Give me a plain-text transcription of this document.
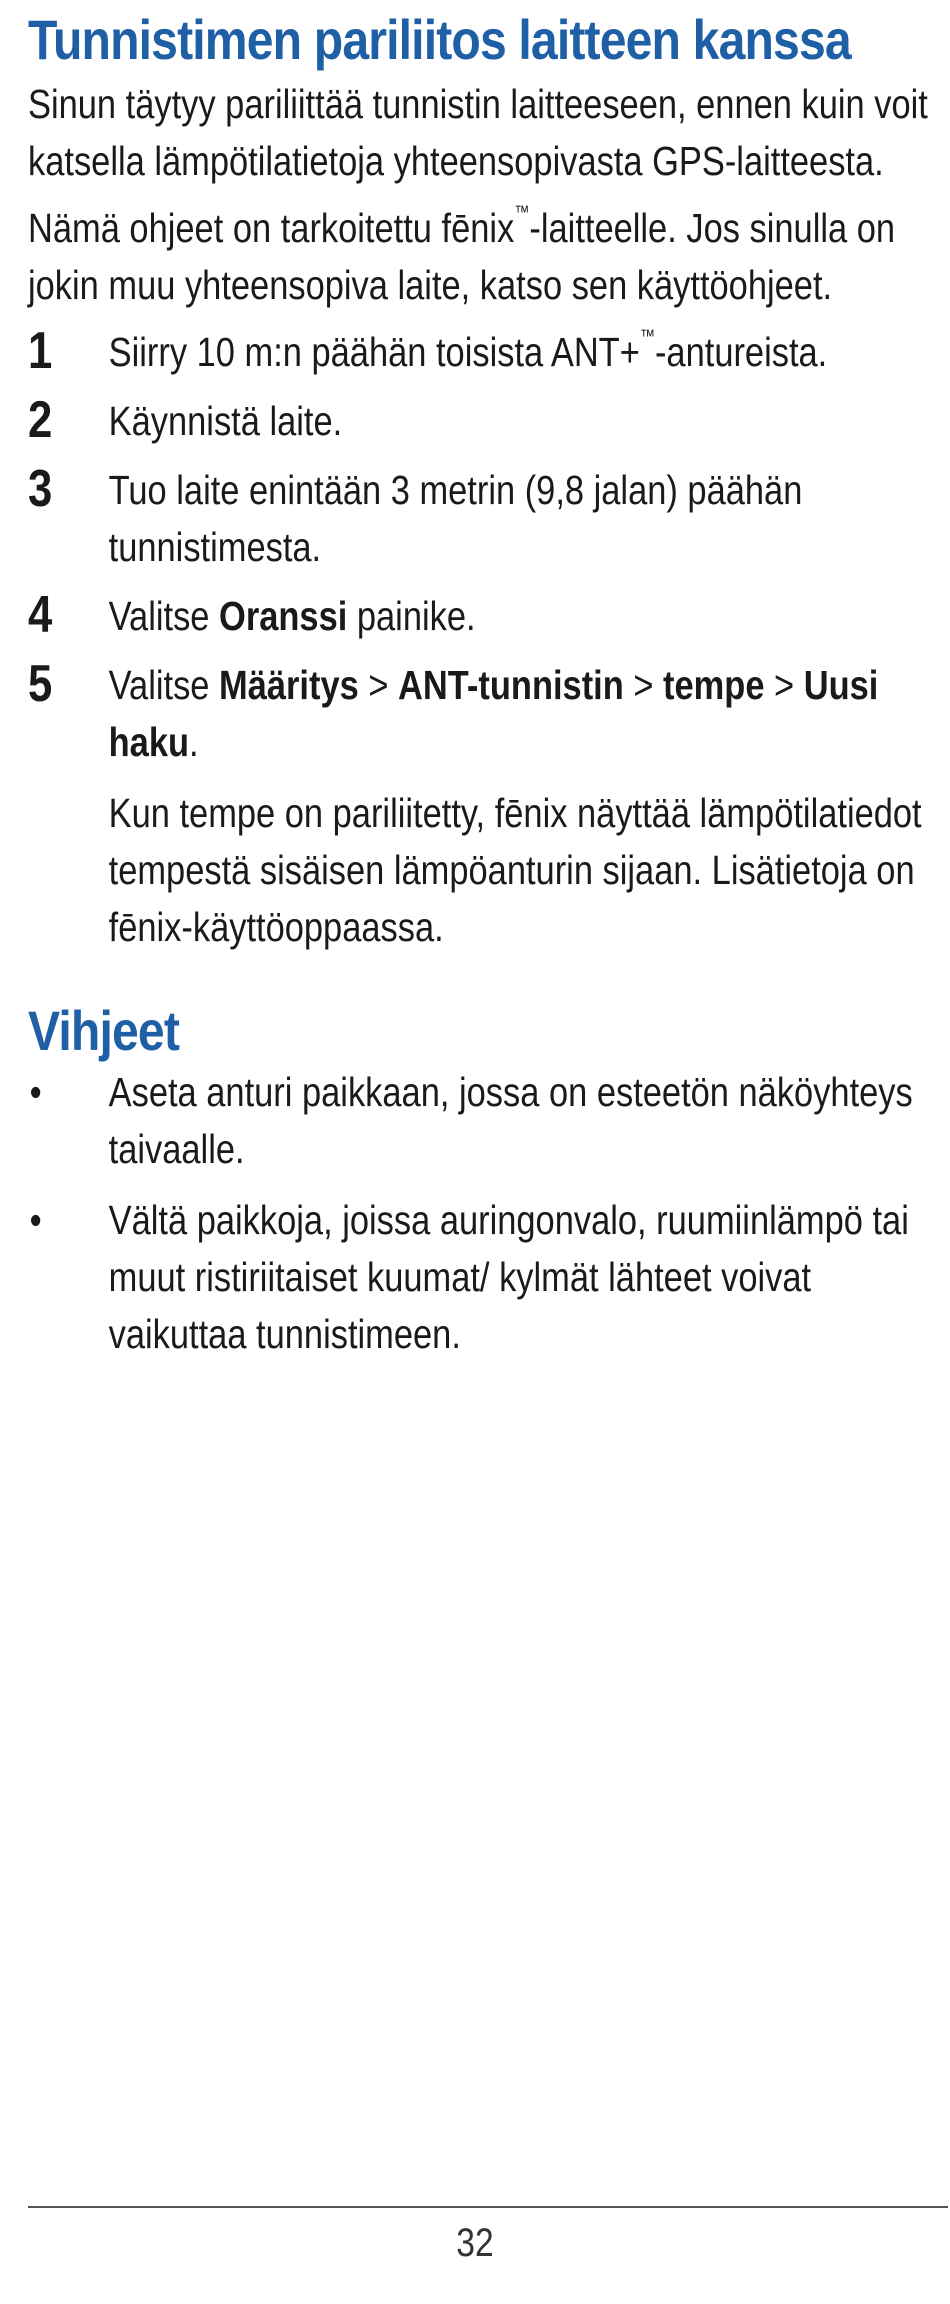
Tunnistimen pariliitos laitteen kanssa

Sinun täytyy pariliittää tunnistin laitteeseen, ennen kuin voit katsella lämpötilatietoja yhteensopivasta GPS-laitteesta.

Nämä ohjeet on tarkoitettu fēnix™-laitteelle. Jos sinulla on jokin muu yhteensopiva laite, katso sen käyttöohjeet.

1 Siirry 10 m:n päähän toisista ANT+™-antureista.
2 Käynnistä laite.
3 Tuo laite enintään 3 metrin (9,8 jalan) päähän tunnistimesta.
4 Valitse Oranssi painike.
5 Valitse Määritys > ANT-tunnistin > tempe > Uusi haku.

Kun tempe on pariliitetty, fēnix näyttää lämpötilatiedot tempestä sisäisen lämpöanturin sijaan. Lisätietoja on fēnix-käyttöoppaassa.

Vihjeet
• Aseta anturi paikkaan, jossa on esteetön näköyhteys taivaalle.
• Vältä paikkoja, joissa auringonvalo, ruumiinlämpö tai muut ristiriitaiset kuumat/ kylmät lähteet voivat vaikuttaa tunnistimeen.
32
